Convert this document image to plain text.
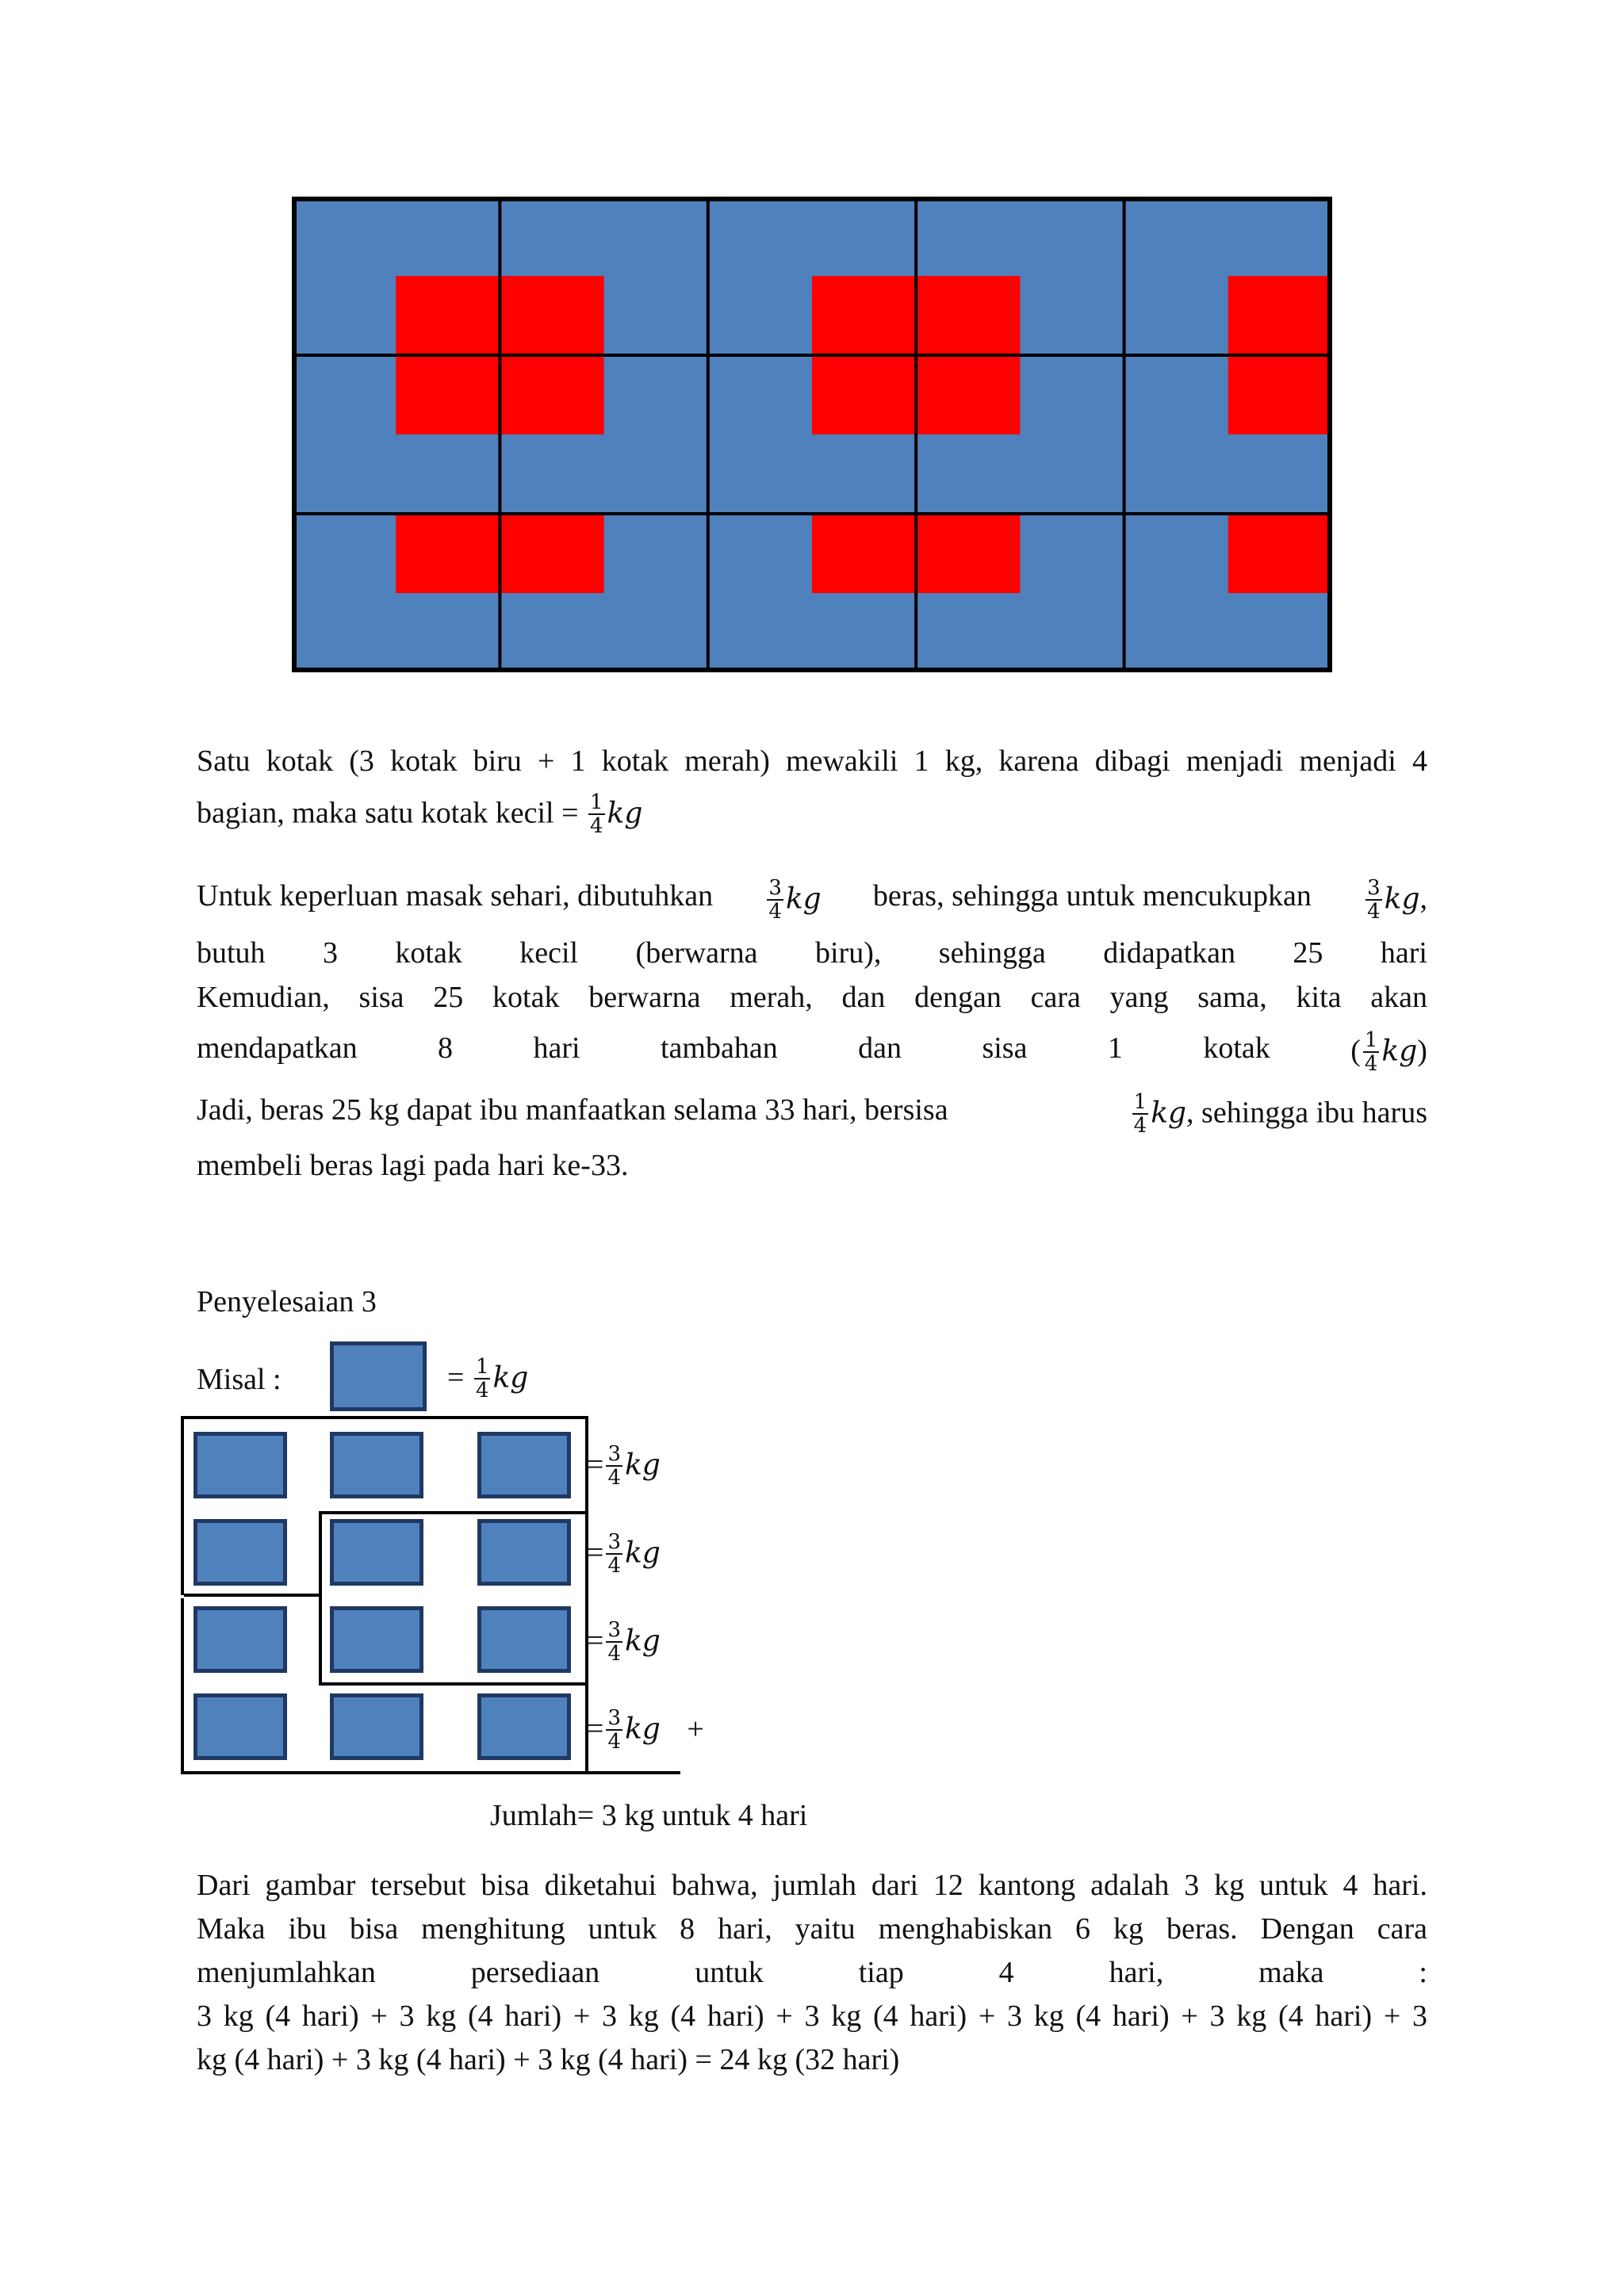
Satu kotak (3 kotak biru + 1 kotak merah) mewakili 1 kg, karena dibagi menjadi menjadi 4
bagian, maka satu kotak kecil = $\frac{1}{4}$ kg
Untuk keperluan masak sehari, dibutuhkan	$\frac{3}{4}$ kg beras, sehingga untuk mencukupkan	$\frac{3}{4}$ kg,
butuh 3 kotak kecil (berwarna biru), sehingga didapatkan 25 hari
Kemudian, sisa 25 kotak berwarna merah, dan dengan cara yang sama, kita akan
mendapatkan	8	hari	tambahan	dan	sisa	1	kotak	( $\frac{1}{4} kg$)
Jadi, beras 25 kg dapat ibu manfaatkan selama 33 hari, bersisa	$\frac{1}{4}$ kg, sehingga ibu harus
membeli beras lagi pada hari ke-33.
Penyelesaian 3
Misal :	= $\frac{1}{4}$ kg
= $\frac{3}{4}$ kg
= $\frac{3}{4}$ kg
= $\frac{3}{4}$ kg
= $\frac{3}{4}$ kg +
Jumlah= 3 kg untuk 4 hari
Dari gambar tersebut bisa diketahui bahwa, jumlah dari 12 kantong adalah 3 kg untuk 4 hari.
Maka ibu bisa menghitung untuk 8 hari, yaitu menghabiskan 6 kg beras. Dengan cara
menjumlahkan	persediaan	untuk	tiap	4	hari,	maka	:
3 kg (4 hari) + 3 kg (4 hari) + 3 kg (4 hari) + 3 kg (4 hari) + 3 kg (4 hari) + 3 kg (4 hari) + 3
kg (4 hari) + 3 kg (4 hari) + 3 kg (4 hari) = 24 kg (32 hari)
